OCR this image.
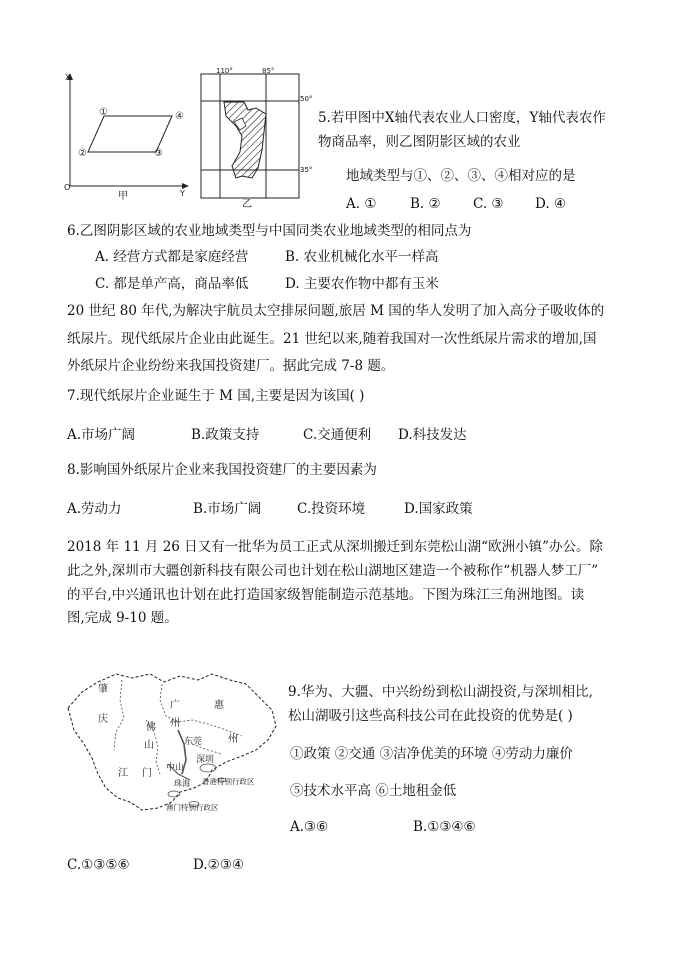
X
Y
O
①	④
②	③
甲
110°	85°
50°
35°
乙
5.若甲图中X轴代表农业人口密度，Y轴代表农作
物商品率，则乙图阴影区域的农业
地域类型与①、②、③、④相对应的是
A. ① B. ② C. ③ D. ④
6.乙图阴影区域的农业地域类型与中国同类农业地域类型的相同点为
A. 经营方式都是家庭经营	B. 农业机械化水平一样高
C. 都是单产高，商品率低	D. 主要农作物中都有玉米
20 世纪 80 年代,为解决宇航员太空排尿问题,旅居 M 国的华人发明了加入高分子吸收体的
纸尿片。现代纸尿片企业由此诞生。21 世纪以来,随着我国对一次性纸尿片需求的增加,国
外纸尿片企业纷纷来我国投资建厂。据此完成 7-8 题。
7.现代纸尿片企业诞生于 M 国,主要是因为该国( )
A.市场广阔	B.政策支持	C.交通便利 D.科技发达
8.影响国外纸尿片企业来我国投资建厂的主要因素为
A.劳动力	B.市场广阔	C.投资环境	D.国家政策
2018 年 11 月 26 日又有一批华为员工正式从深圳搬迁到东莞松山湖“欧洲小镇”办公。除
此之外,深圳市大疆创新科技有限公司也计划在松山湖地区建造一个被称作“机器人梦工厂”
的平台,中兴通讯也计划在此打造国家级智能制造示范基地。下图为珠江三角洲地图。读
图,完成 9-10 题。
肇
庆
广
州
惠
佛
山	东莞	州
中山
深圳
江 门
珠海 香港特别行政区
澳门特别行政区
9.华为、大疆、中兴纷纷到松山湖投资,与深圳相比,
松山湖吸引这些高科技公司在此投资的优势是( )
①政策 ②交通 ③洁净优美的环境 ④劳动力廉价
⑤技术水平高 ⑥土地租金低
A.③⑥	B.①③④⑥
C.①③⑤⑥	D.②③④
